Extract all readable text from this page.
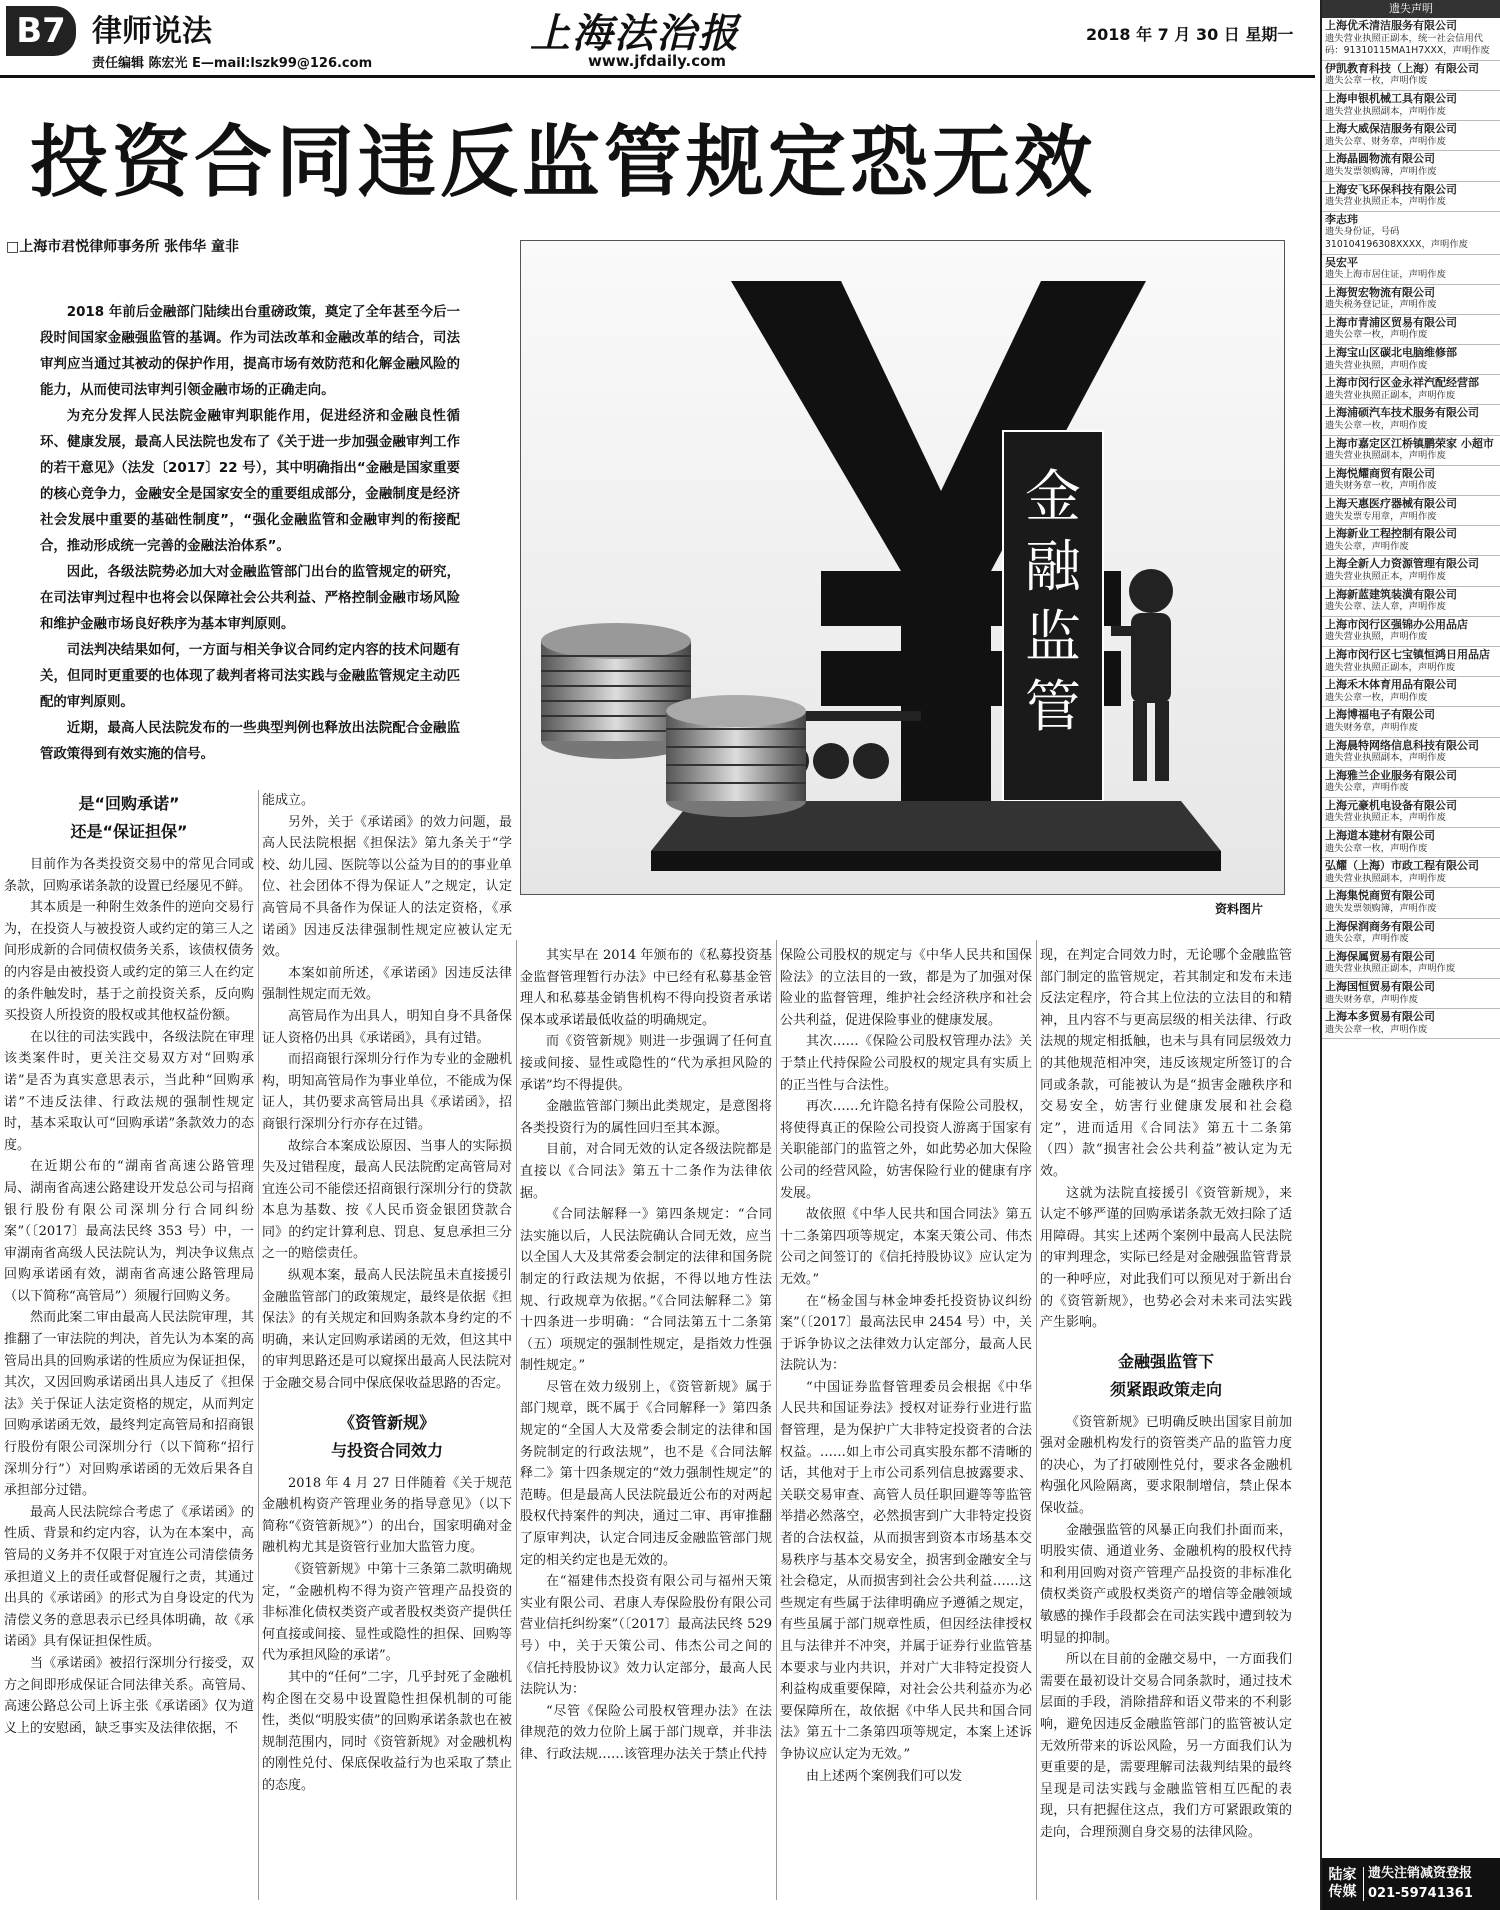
B7 律师说法
责任编辑 陈宏光 E—mail:lszk99@126.com
上海法治报
www.jfdaily.com
2018 年 7 月 30 日 星期一
投资合同违反监管规定恐无效
□上海市君悦律师事务所 张伟华 童非

2018 年前后金融部门陆续出台重磅政策，奠定了全年甚至今后一段时间国家金融强监管的基调。作为司法改革和金融改革的结合，司法审判应当通过其被动的保护作用，提高市场有效防范和化解金融风险的能力，从而使司法审判引领金融市场的正确走向。

为充分发挥人民法院金融审判职能作用，促进经济和金融良性循环、健康发展，最高人民法院也发布了《关于进一步加强金融审判工作的若干意见》（法发〔2017〕22 号），其中明确指出“金融是国家重要的核心竞争力，金融安全是国家安全的重要组成部分，金融制度是经济社会发展中重要的基础性制度”，“强化金融监管和金融审判的衔接配合，推动形成统一完善的金融法治体系”。

因此，各级法院势必加大对金融监管部门出台的监管规定的研究，在司法审判过程中也将会以保障社会公共利益、严格控制金融市场风险和维护金融市场良好秩序为基本审判原则。

司法判决结果如何，一方面与相关争议合同约定内容的技术问题有关，但同时更重要的也体现了裁判者将司法实践与金融监管规定主动匹配的审判原则。

近期，最高人民法院发布的一些典型判例也释放出法院配合金融监管政策得到有效实施的信号。

金
融
监
管
资料图片

是“回购承诺”

还是“保证担保”

目前作为各类投资交易中的常见合同或条款，回购承诺条款的设置已经屡见不鲜。

其本质是一种附生效条件的逆向交易行为，在投资人与被投资人或约定的第三人之间形成新的合同债权债务关系，该债权债务的内容是由被投资人或约定的第三人在约定的条件触发时，基于之前投资关系，反向购买投资人所投资的股权或其他权益份额。

在以往的司法实践中，各级法院在审理该类案件时，更关注交易双方对“回购承诺”是否为真实意思表示，当此种“回购承诺”不违反法律、行政法规的强制性规定时，基本采取认可“回购承诺”条款效力的态度。

在近期公布的“湖南省高速公路管理局、湖南省高速公路建设开发总公司与招商银行股份有限公司深圳分行合同纠纷案”（〔2017〕最高法民终 353 号）中，一审湖南省高级人民法院认为，判决争议焦点回购承诺函有效，湖南省高速公路管理局（以下简称“高管局”）须履行回购义务。

然而此案二审由最高人民法院审理，其推翻了一审法院的判决，首先认为本案的高管局出具的回购承诺的性质应为保证担保，其次，又因回购承诺函出具人违反了《担保法》关于保证人法定资格的规定，从而判定回购承诺函无效，最终判定高管局和招商银行股份有限公司深圳分行（以下简称“招行深圳分行”）对回购承诺函的无效后果各自承担部分过错。

最高人民法院综合考虑了《承诺函》的性质、背景和约定内容，认为在本案中，高管局的义务并不仅限于对宜连公司清偿债务承担道义上的责任或督促履行之责，其通过出具的《承诺函》的形式为自身设定的代为清偿义务的意思表示已经具体明确，故《承诺函》具有保证担保性质。

当《承诺函》被招行深圳分行接受，双方之间即形成保证合同法律关系。高管局、高速公路总公司上诉主张《承诺函》仅为道义上的安慰函，缺乏事实及法律依据，不

能成立。

另外，关于《承诺函》的效力问题，最高人民法院根据《担保法》第九条关于“学校、幼儿园、医院等以公益为目的的事业单位、社会团体不得为保证人”之规定，认定高管局不具备作为保证人的法定资格，《承诺函》因违反法律强制性规定应被认定无效。

本案如前所述，《承诺函》因违反法律强制性规定而无效。

高管局作为出具人，明知自身不具备保证人资格仍出具《承诺函》，具有过错。

而招商银行深圳分行作为专业的金融机构，明知高管局作为事业单位，不能成为保证人，其仍要求高管局出具《承诺函》，招商银行深圳分行亦存在过错。

故综合本案成讼原因、当事人的实际损失及过错程度，最高人民法院酌定高管局对宜连公司不能偿还招商银行深圳分行的贷款本息为基数、按《人民币资金银团贷款合同》的约定计算利息、罚息、复息承担三分之一的赔偿责任。

纵观本案，最高人民法院虽未直接援引金融监管部门的政策规定，最终是依据《担保法》的有关规定和回购条款本身约定的不明确，来认定回购承诺函的无效，但这其中的审判思路还是可以窥探出最高人民法院对于金融交易合同中保底保收益思路的否定。

《资管新规》

与投资合同效力

2018 年 4 月 27 日伴随着《关于规范金融机构资产管理业务的指导意见》（以下简称“《资管新规》”）的出台，国家明确对金融机构尤其是资管行业加大监管力度。

《资管新规》中第十三条第二款明确规定，“金融机构不得为资产管理产品投资的非标准化债权类资产或者股权类资产提供任何直接或间接、显性或隐性的担保、回购等代为承担风险的承诺”。

其中的“任何”二字，几乎封死了金融机构企图在交易中设置隐性担保机制的可能性，类似“明股实债”的回购承诺条款也在被规制范围内，同时《资管新规》对金融机构的刚性兑付、保底保收益行为也采取了禁止的态度。

其实早在 2014 年颁布的《私募投资基金监督管理暂行办法》中已经有私募基金管理人和私募基金销售机构不得向投资者承诺保本或承诺最低收益的明确规定。

而《资管新规》则进一步强调了任何直接或间接、显性或隐性的“代为承担风险的承诺”均不得提供。

金融监管部门频出此类规定，是意图将各类投资行为的属性回归至其本源。

目前，对合同无效的认定各级法院都是直接以《合同法》第五十二条作为法律依据。

《合同法解释一》第四条规定：“合同法实施以后，人民法院确认合同无效，应当以全国人大及其常委会制定的法律和国务院制定的行政法规为依据，不得以地方性法规、行政规章为依据。”《合同法解释二》第十四条进一步明确：“合同法第五十二条第（五）项规定的强制性规定，是指效力性强制性规定。”

尽管在效力级别上，《资管新规》属于部门规章，既不属于《合同解释一》第四条规定的“全国人大及常委会制定的法律和国务院制定的行政法规”，也不是《合同法解释二》第十四条规定的“效力强制性规定”的范畴。但是最高人民法院最近公布的对两起股权代持案件的判决，通过二审、再审推翻了原审判决，认定合同违反金融监管部门规定的相关约定也是无效的。

在“福建伟杰投资有限公司与福州天策实业有限公司、君康人寿保险股份有限公司营业信托纠纷案”（〔2017〕最高法民终 529 号）中，关于天策公司、伟杰公司之间的《信托持股协议》效力认定部分，最高人民法院认为：

“尽管《保险公司股权管理办法》在法律规范的效力位阶上属于部门规章，并非法律、行政法规……该管理办法关于禁止代持

保险公司股权的规定与《中华人民共和国保险法》的立法目的一致，都是为了加强对保险业的监督管理，维护社会经济秩序和社会公共利益，促进保险事业的健康发展。

其次……《保险公司股权管理办法》关于禁止代持保险公司股权的规定具有实质上的正当性与合法性。

再次……允许隐名持有保险公司股权，将使得真正的保险公司投资人游离于国家有关职能部门的监管之外，如此势必加大保险公司的经营风险，妨害保险行业的健康有序发展。

故依照《中华人民共和国合同法》第五十二条第四项等规定，本案天策公司、伟杰公司之间签订的《信托持股协议》应认定为无效。”

在“杨金国与林金坤委托投资协议纠纷案”（〔2017〕最高法民申 2454 号）中，关于诉争协议之法律效力认定部分，最高人民法院认为：

“中国证券监督管理委员会根据《中华人民共和国证券法》授权对证券行业进行监督管理，是为保护广大非特定投资者的合法权益。……如上市公司真实股东都不清晰的话，其他对于上市公司系列信息披露要求、关联交易审查、高管人员任职回避等等监管举措必然落空，必然损害到广大非特定投资者的合法权益，从而损害到资本市场基本交易秩序与基本交易安全，损害到金融安全与社会稳定，从而损害到社会公共利益……这些规定有些属于法律明确应予遵循之规定，有些虽属于部门规章性质，但因经法律授权且与法律并不冲突，并属于证券行业监管基本要求与业内共识，并对广大非特定投资人利益构成重要保障，对社会公共利益亦为必要保障所在，故依据《中华人民共和国合同法》第五十二条第四项等规定，本案上述诉争协议应认定为无效。”

由上述两个案例我们可以发

现，在判定合同效力时，无论哪个金融监管部门制定的监管规定，若其制定和发布未违反法定程序，符合其上位法的立法目的和精神，且内容不与更高层级的相关法律、行政法规的规定相抵触，也未与具有同层级效力的其他规范相冲突，违反该规定所签订的合同或条款，可能被认为是“损害金融秩序和交易安全，妨害行业健康发展和社会稳定”，进而适用《合同法》第五十二条第（四）款“损害社会公共利益”被认定为无效。

这就为法院直接援引《资管新规》，来认定不够严谨的回购承诺条款无效扫除了适用障碍。其实上述两个案例中最高人民法院的审判理念，实际已经是对金融强监管背景的一种呼应，对此我们可以预见对于新出台的《资管新规》，也势必会对未来司法实践产生影响。

金融强监管下

须紧跟政策走向

《资管新规》已明确反映出国家目前加强对金融机构发行的资管类产品的监管力度的决心，为了打破刚性兑付，要求各金融机构强化风险隔离，要求限制增信，禁止保本保收益。

金融强监管的风暴正向我们扑面而来，明股实债、通道业务、金融机构的股权代持和利用回购对资产管理产品投资的非标准化债权类资产或股权类资产的增信等金融领域敏感的操作手段都会在司法实践中遭到较为明显的抑制。

所以在目前的金融交易中，一方面我们需要在最初设计交易合同条款时，通过技术层面的手段，消除措辞和语义带来的不利影响，避免因违反金融监管部门的监管被认定无效所带来的诉讼风险，另一方面我们认为更重要的是，需要理解司法裁判结果的最终呈现是司法实践与金融监管相互匹配的表现，只有把握住这点，我们方可紧跟政策的走向，合理预测自身交易的法律风险。

遗失声明
上海优禾清洁服务有限公司
遗失营业执照正副本，统一社会信用代码：91310115MA1H7XXX，声明作废
伊凯教育科技（上海）有限公司
遗失公章一枚，声明作废
上海申银机械工具有限公司
遗失营业执照副本，声明作废
上海大威保洁服务有限公司
遗失公章、财务章，声明作废
上海晶圆物流有限公司
遗失发票领购簿，声明作废
上海安飞环保科技有限公司
遗失营业执照正本，声明作废
李志玮
遗失身份证，号码310104196308XXXX，声明作废
吴宏平
遗失上海市居住证，声明作废
上海贺宏物流有限公司
遗失税务登记证，声明作废
上海市青浦区贸易有限公司
遗失公章一枚，声明作废
上海宝山区碳北电脑维修部
遗失营业执照，声明作废
上海市闵行区金永祥汽配经营部
遗失营业执照正副本，声明作废
上海浦硕汽车技术服务有限公司
遗失公章一枚，声明作废
上海市嘉定区江桥镇鹏荣家 小超市
遗失营业执照副本，声明作废
上海悦耀商贸有限公司
遗失财务章一枚，声明作废
上海天惠医疗器械有限公司
遗失发票专用章，声明作废
上海新业工程控制有限公司
遗失公章，声明作废
上海全新人力资源管理有限公司
遗失营业执照正本，声明作废
上海新蓝建筑装潢有限公司
遗失公章、法人章，声明作废
上海市闵行区强锦办公用品店
遗失营业执照，声明作废
上海市闵行区七宝镇恒鸿日用品店
遗失营业执照正副本，声明作废
上海禾木体育用品有限公司
遗失公章一枚，声明作废
上海博福电子有限公司
遗失财务章，声明作废
上海晨特网络信息科技有限公司
遗失营业执照副本，声明作废
上海雅兰企业服务有限公司
遗失公章，声明作废
上海元豪机电设备有限公司
遗失营业执照正本，声明作废
上海道本建材有限公司
遗失公章一枚，声明作废
弘耀（上海）市政工程有限公司
遗失营业执照副本，声明作废
上海集悦商贸有限公司
遗失发票领购簿，声明作废
上海保润商务有限公司
遗失公章，声明作废
上海保属贸易有限公司
遗失营业执照正副本，声明作废
上海国恒贸易有限公司
遗失财务章，声明作废
上海本多贸易有限公司
遗失公章一枚，声明作废
陆家传媒
遗失注销减资登报
021-59741361
